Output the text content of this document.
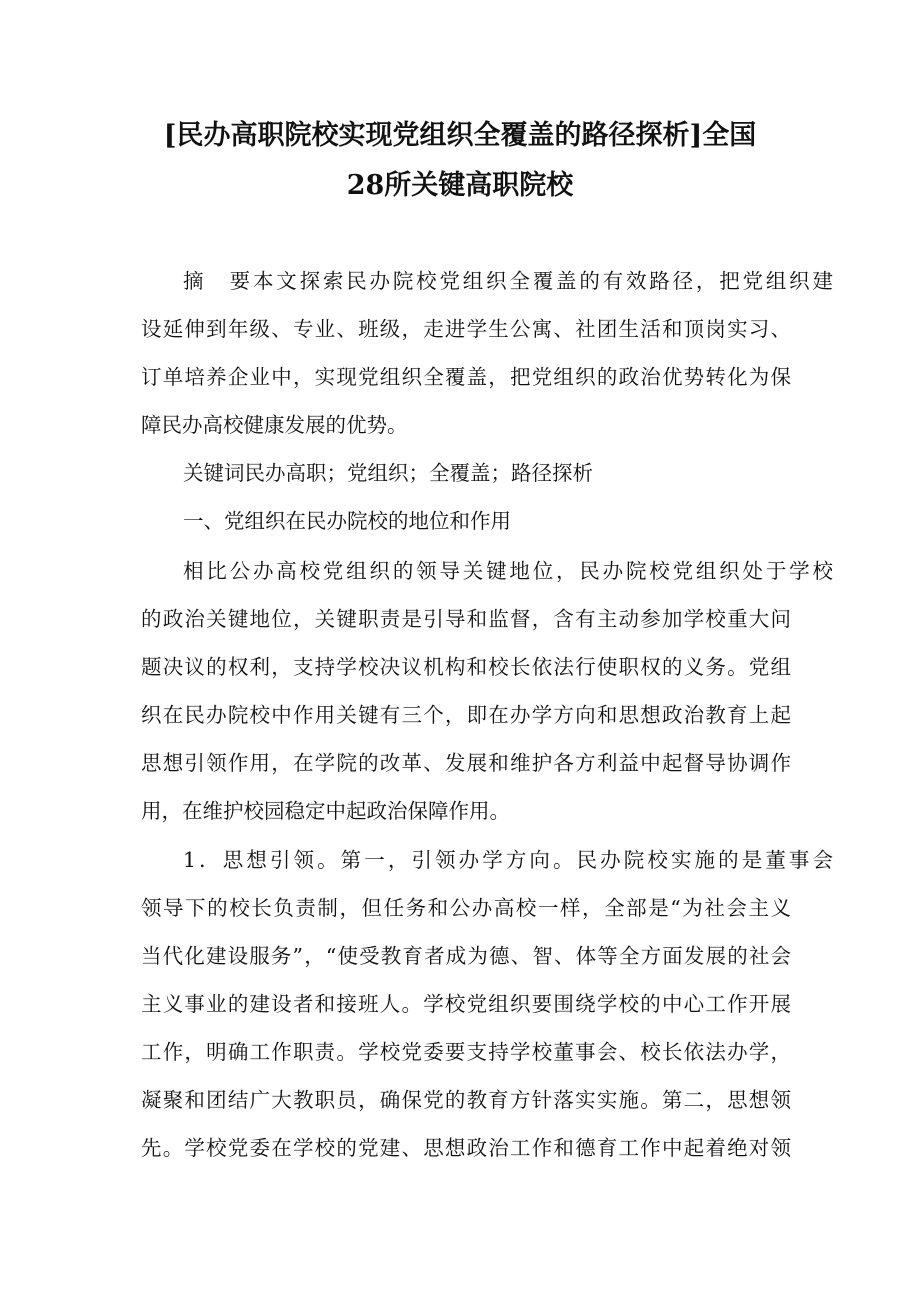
[民办高职院校实现党组织全覆盖的路径探析]全国
28所关键高职院校

摘　要本文探索民办院校党组织全覆盖的有效路径，把党组织建

设延伸到年级、专业、班级，走进学生公寓、社团生活和顶岗实习、

订单培养企业中，实现党组织全覆盖，把党组织的政治优势转化为保

障民办高校健康发展的优势。

关键词民办高职；党组织；全覆盖；路径探析

一、党组织在民办院校的地位和作用

相比公办高校党组织的领导关键地位，民办院校党组织处于学校

的政治关键地位，关键职责是引导和监督，含有主动参加学校重大问

题决议的权利，支持学校决议机构和校长依法行使职权的义务。党组

织在民办院校中作用关键有三个，即在办学方向和思想政治教育上起

思想引领作用，在学院的改革、发展和维护各方利益中起督导协调作

用，在维护校园稳定中起政治保障作用。

1．思想引领。第一，引领办学方向。民办院校实施的是董事会

领导下的校长负责制，但任务和公办高校一样，全部是“为社会主义

当代化建设服务”，“使受教育者成为德、智、体等全方面发展的社会

主义事业的建设者和接班人。学校党组织要围绕学校的中心工作开展

工作，明确工作职责。学校党委要支持学校董事会、校长依法办学，

凝聚和团结广大教职员，确保党的教育方针落实实施。第二，思想领

先。学校党委在学校的党建、思想政治工作和德育工作中起着绝对领
